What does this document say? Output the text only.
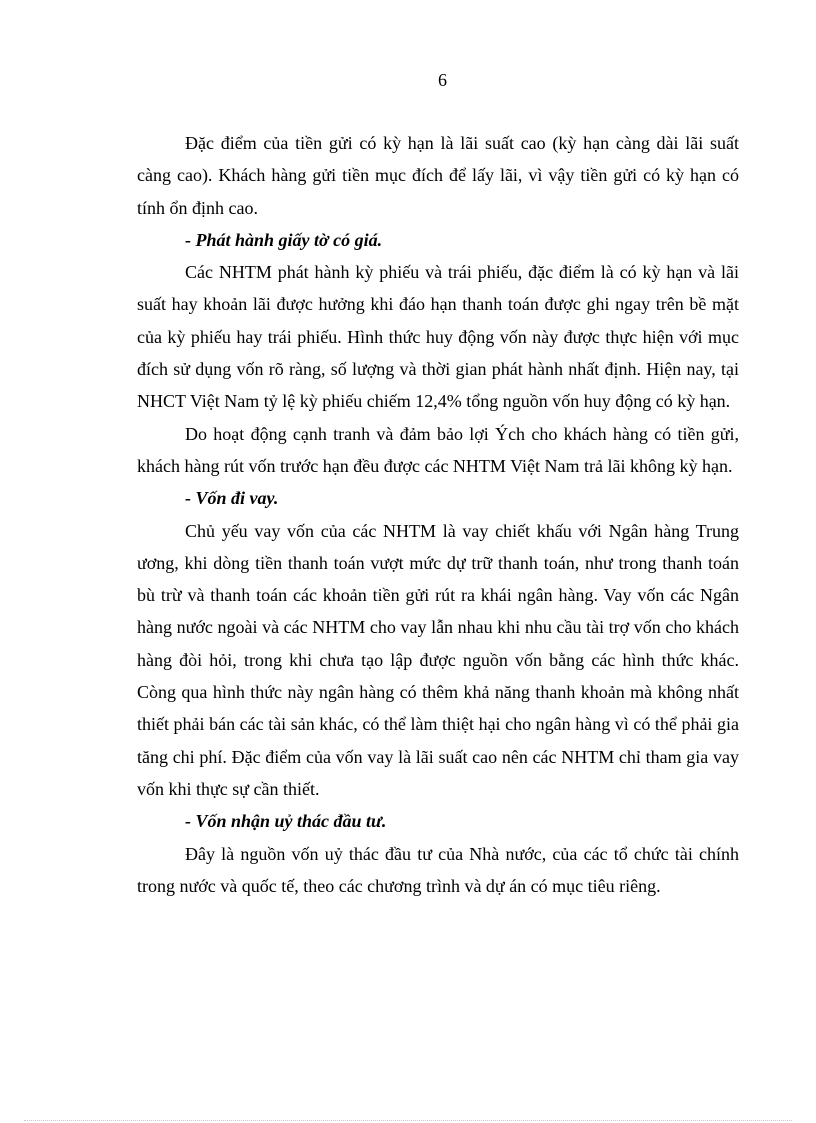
6

Đặc điểm của tiền gửi có kỳ hạn là lãi suất cao (kỳ hạn càng dài lãi suất càng cao). Khách hàng gửi tiền mục đích để lấy lãi, vì vậy tiền gửi có kỳ hạn có tính ổn định cao.

- Phát hành giấy tờ có giá.

Các NHTM phát hành kỳ phiếu và trái phiếu, đặc điểm là có kỳ hạn và lãi suất hay khoản lãi được hưởng khi đáo hạn thanh toán được ghi ngay trên bề mặt của kỳ phiếu hay trái phiếu. Hình thức huy động vốn này được thực hiện với mục đích sử dụng vốn rõ ràng, số lượng và thời gian phát hành nhất định. Hiện nay, tại NHCT Việt Nam tỷ lệ kỳ phiếu chiếm 12,4% tổng nguồn vốn huy động có kỳ hạn.

Do hoạt động cạnh tranh và đảm bảo lợi Ých cho khách hàng có tiền gửi, khách hàng rút vốn trước hạn đều được các NHTM Việt Nam trả lãi không kỳ hạn.

- Vốn đi vay.

Chủ yếu vay vốn của các NHTM là vay chiết khấu với Ngân hàng Trung ương, khi dòng tiền thanh toán vượt mức dự trữ thanh toán, như trong thanh toán bù trừ và thanh toán các khoản tiền gửi rút ra khái ngân hàng. Vay vốn các Ngân hàng nước ngoài và các NHTM cho vay lẫn nhau khi nhu cầu tài trợ vốn cho khách hàng đòi hỏi, trong khi chưa tạo lập được nguồn vốn bằng các hình thức khác. Còng qua hình thức này ngân hàng có thêm khả năng thanh khoản mà không nhất thiết phải bán các tài sản khác, có thể làm thiệt hại cho ngân hàng vì có thể phải gia tăng chi phí. Đặc điểm của vốn vay là lãi suất cao nên các NHTM chỉ tham gia vay vốn khi thực sự cần thiết.

- Vốn nhận uỷ thác đầu tư.

Đây là nguồn vốn uỷ thác đầu tư của Nhà nước, của các tổ chức tài chính trong nước và quốc tế, theo các chương trình và dự án có mục tiêu riêng.
